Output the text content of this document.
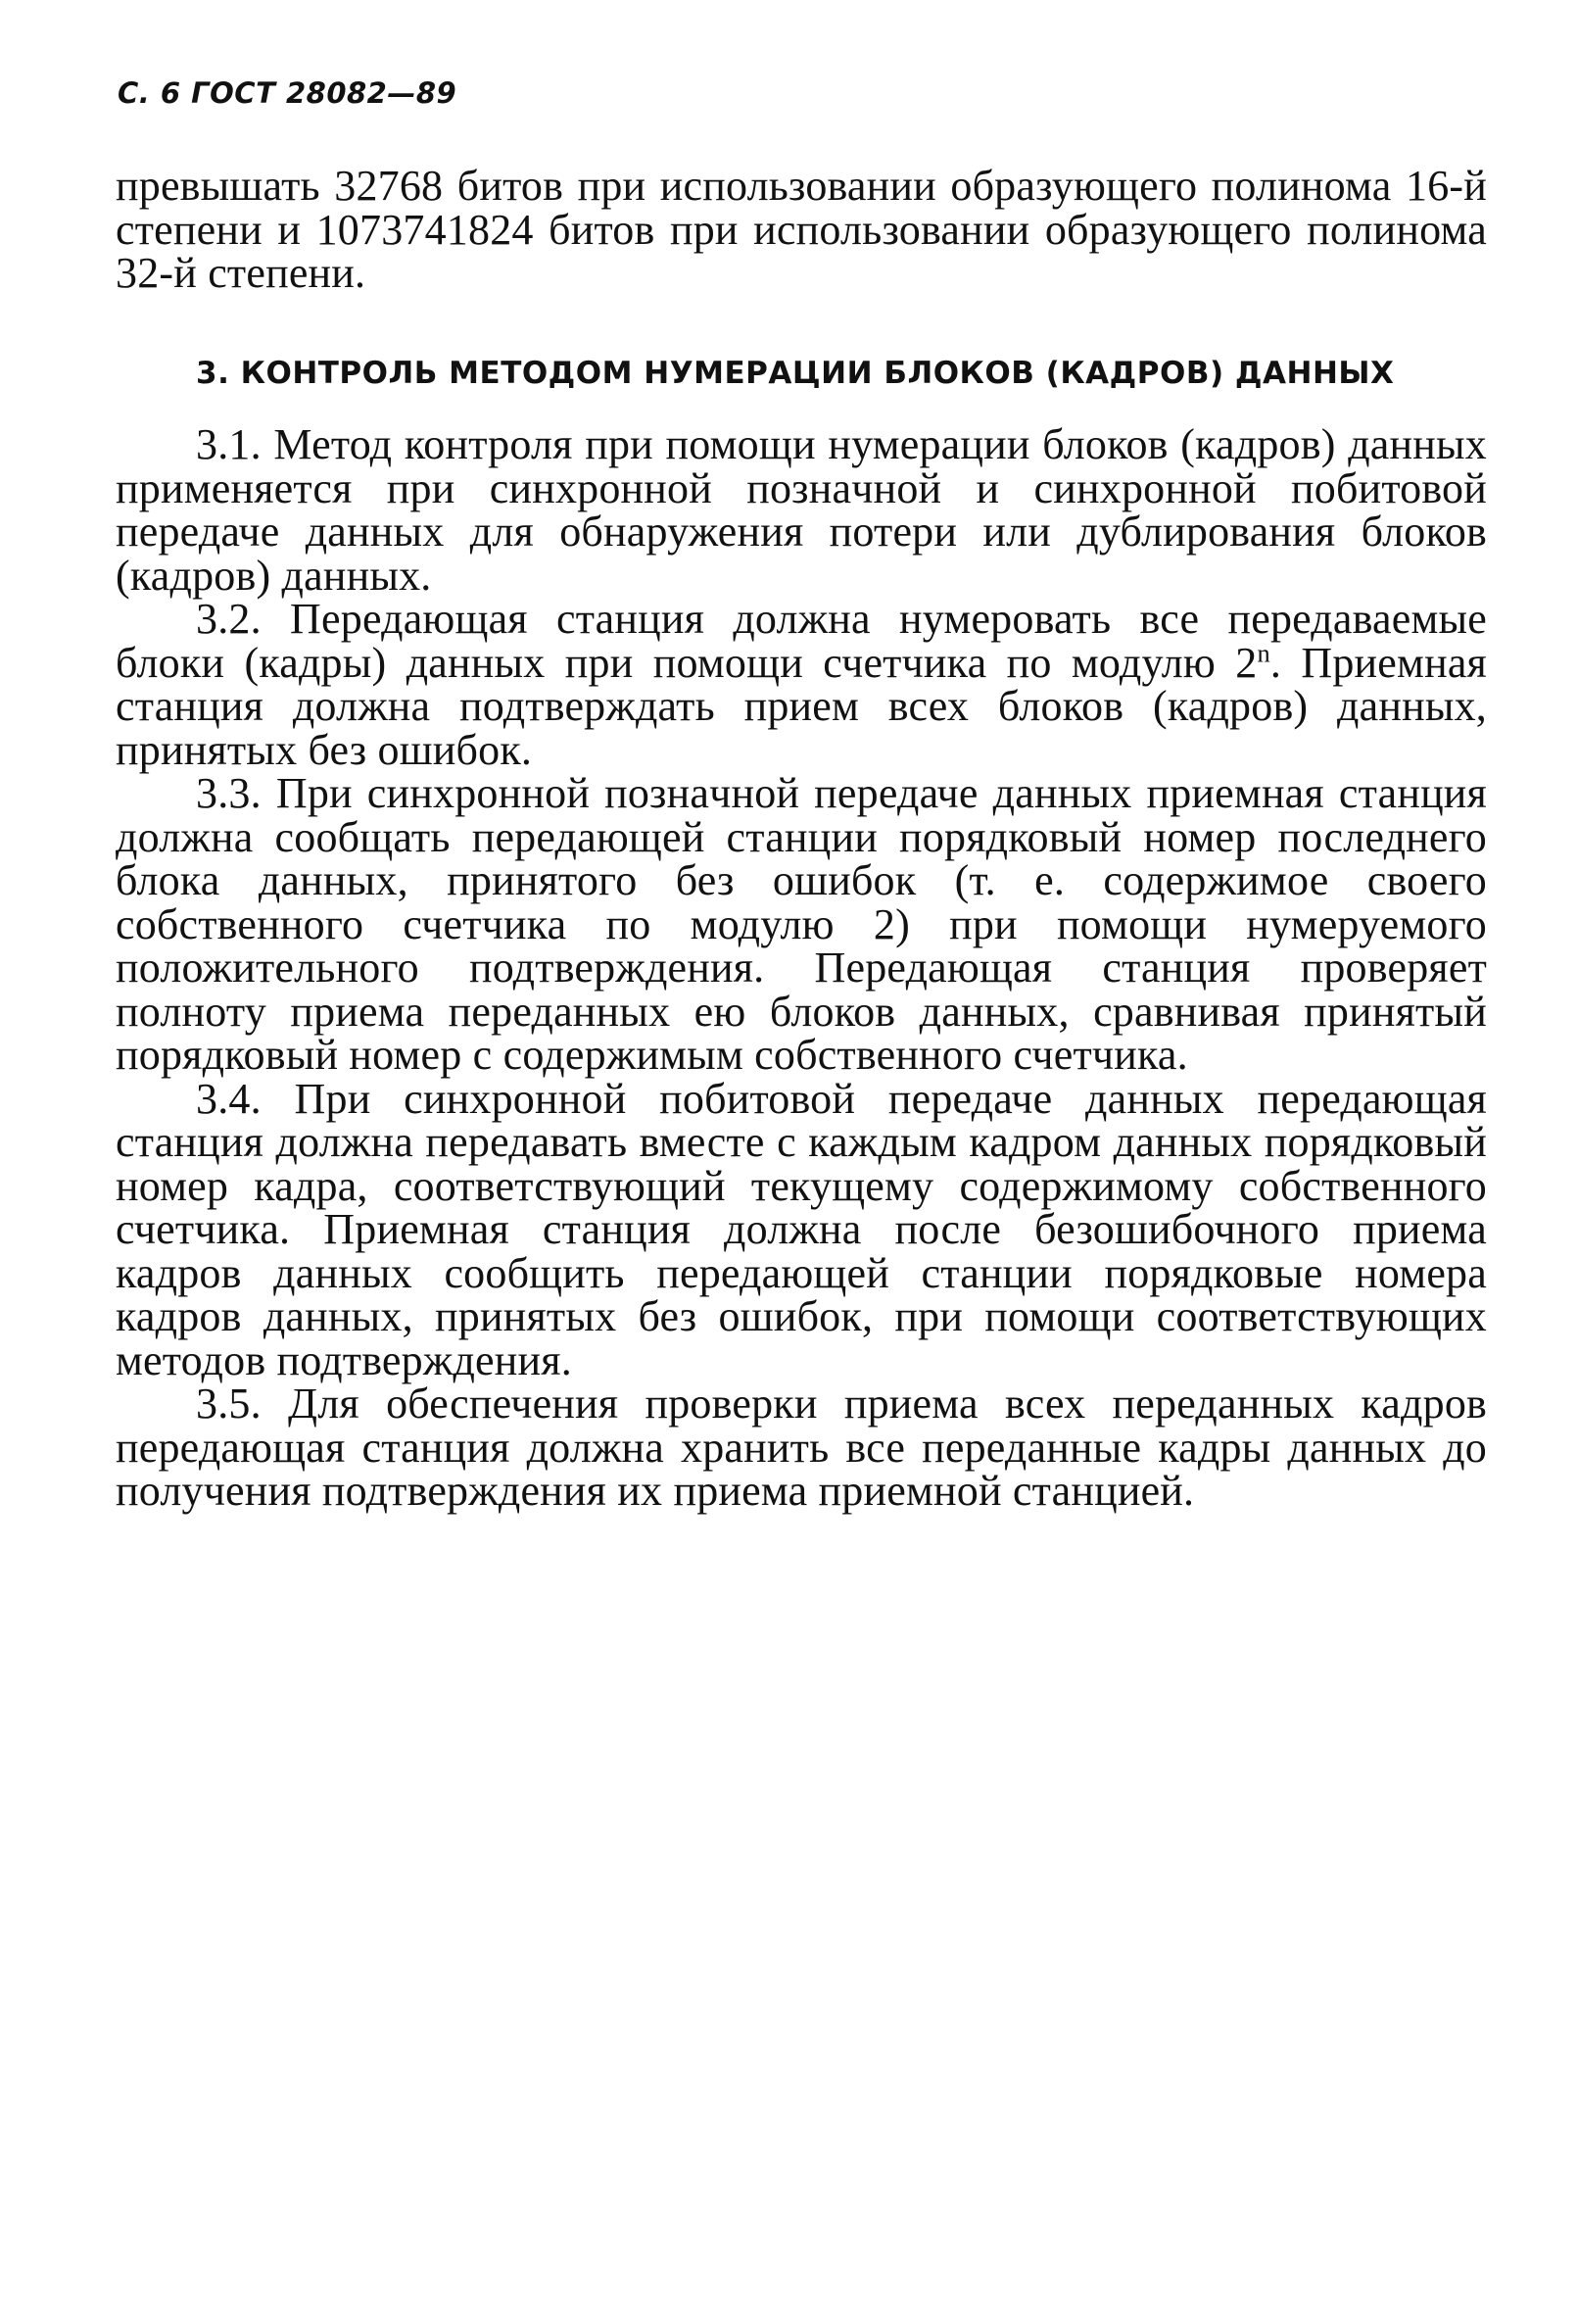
С. 6 ГОСТ 28082—89

превышать 32768 битов при использовании образующего полинома 16-й степени и 1073741824 битов при использовании образующего полинома 32-й степени.

3. КОНТРОЛЬ МЕТОДОМ НУМЕРАЦИИ БЛОКОВ (КАДРОВ) ДАННЫХ

3.1. Метод контроля при помощи нумерации блоков (кадров) данных применяется при синхронной познaчной и синхронной побитовой передаче данных для обнаружения потери или дублирования блоков (кадров) данных.

3.2. Передающая станция должна нумеровать все передаваемые блоки (кадры) данных при помощи счетчика по модулю 2$^n$. Приемная станция должна подтверждать прием всех блоков (кадров) данных, принятых без ошибок.

3.3. При синхронной познaчной передаче данных приемная станция должна сообщать передающей станции порядковый номер последнего блока данных, принятого без ошибок (т. е. содержимое своего собственного счетчика по модулю 2) при помощи нумеруемого положительного подтверждения. Передающая станция проверяет полноту приема переданных ею блоков данных, сравнивая принятый порядковый номер с содержимым собственного счетчика.

3.4. При синхронной побитовой передаче данных передающая станция должна передавать вместе с каждым кадром данных порядковый номер кадра, соответствующий текущему содержимому собственного счетчика. Приемная станция должна после безошибочного приема кадров данных сообщить передающей станции порядковые номера кадров данных, принятых без ошибок, при помощи соответствующих методов подтверждения.

3.5. Для обеспечения проверки приема всех переданных кадров передающая станция должна хранить все переданные кадры данных до получения подтверждения их приема приемной станцией.
